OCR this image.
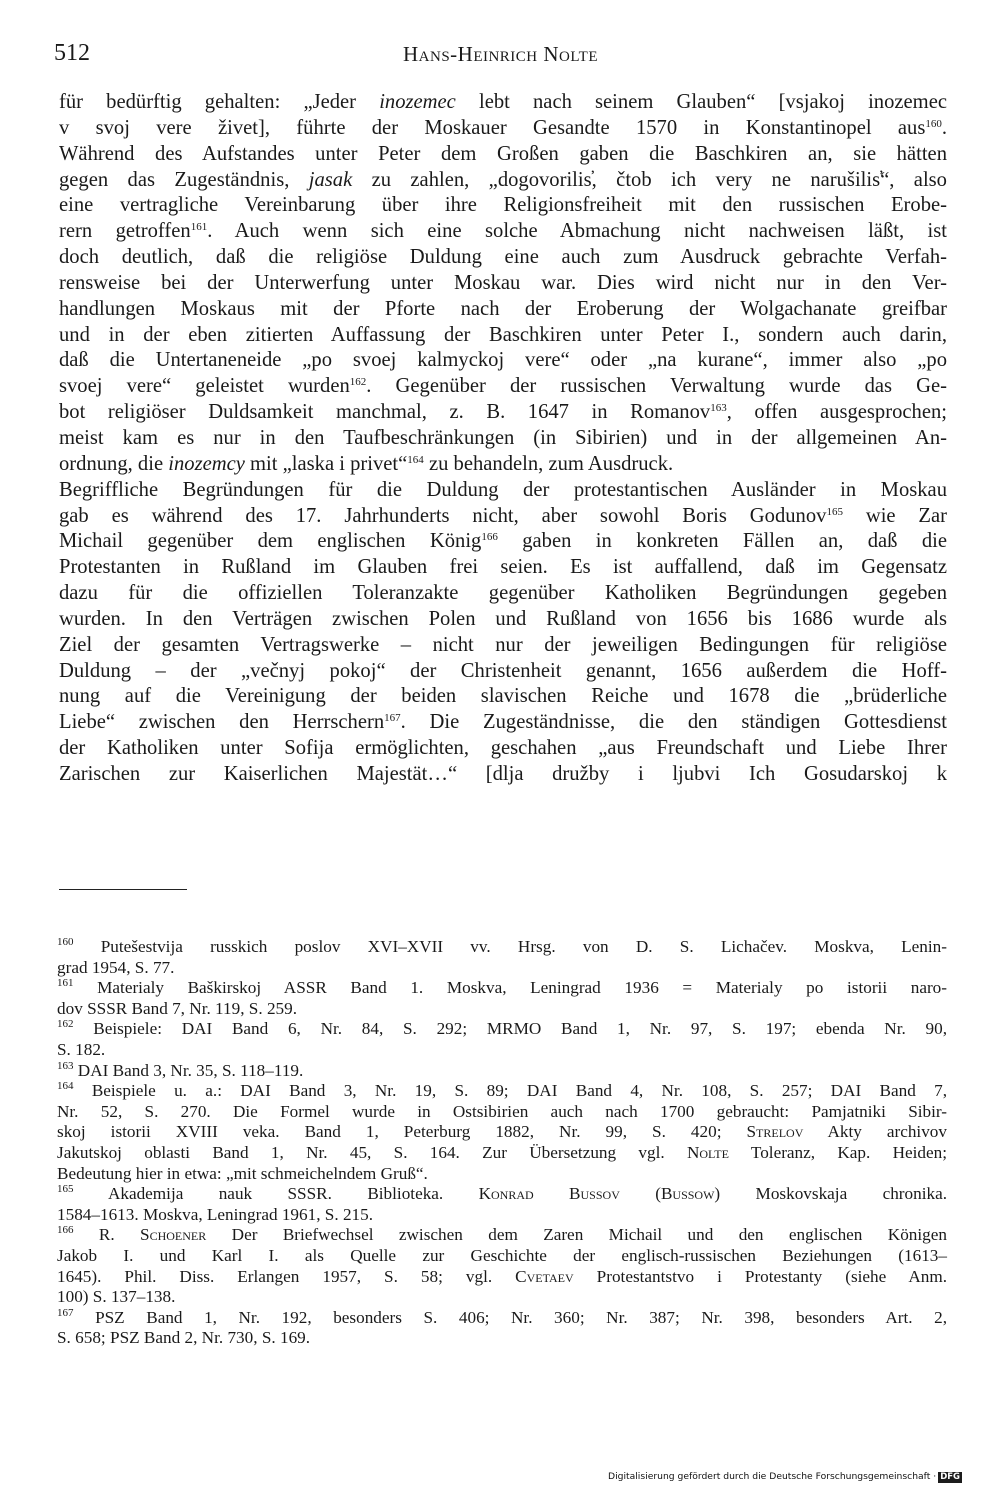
512	Hans-Heinrich Nolte
für bedürftig gehalten: „Jeder inozemec lebt nach seinem Glauben“ [vsjakoj inozemec
v svoj vere živet], führte der Moskauer Gesandte 1570 in Konstantinopel aus$^{160}$.
Während des Aufstandes unter Peter dem Großen gaben die Baschkiren an, sie hätten
gegen das Zugeständnis, jasak zu zahlen, „dogovorilis̕, čtob ich very ne narušilis̕“, also
eine vertragliche Vereinbarung über ihre Religionsfreiheit mit den russischen Erobe-
rern getroffen$^{161}$. Auch wenn sich eine solche Abmachung nicht nachweisen läßt, ist
doch deutlich, daß die religiöse Duldung eine auch zum Ausdruck gebrachte Verfah-
rensweise bei der Unterwerfung unter Moskau war. Dies wird nicht nur in den Ver-
handlungen Moskaus mit der Pforte nach der Eroberung der Wolgachanate greifbar
und in der eben zitierten Auffassung der Baschkiren unter Peter I., sondern auch darin,
daß die Untertaneneide „po svoej kalmyckoj vere“ oder „na kurane“, immer also „po
svoej vere“ geleistet wurden$^{162}$. Gegenüber der russischen Verwaltung wurde das Ge-
bot religiöser Duldsamkeit manchmal, z. B. 1647 in Romanov$^{163}$, offen ausgesprochen;
meist kam es nur in den Taufbeschränkungen (in Sibirien) und in der allgemeinen An-
ordnung, die inozemcy mit „laska i privet“$^{164}$ zu behandeln, zum Ausdruck.
Begriffliche Begründungen für die Duldung der protestantischen Ausländer in Moskau
gab es während des 17. Jahrhunderts nicht, aber sowohl Boris Godunov$^{165}$ wie Zar
Michail gegenüber dem englischen König$^{166}$ gaben in konkreten Fällen an, daß die
Protestanten in Rußland im Glauben frei seien. Es ist auffallend, daß im Gegensatz
dazu für die offiziellen Toleranzakte gegenüber Katholiken Begründungen gegeben
wurden. In den Verträgen zwischen Polen und Rußland von 1656 bis 1686 wurde als
Ziel der gesamten Vertragswerke – nicht nur der jeweiligen Bedingungen für religiöse
Duldung – der „večnyj pokoj“ der Christenheit genannt, 1656 außerdem die Hoff-
nung auf die Vereinigung der beiden slavischen Reiche und 1678 die „brüderliche
Liebe“ zwischen den Herrschern$^{167}$. Die Zugeständnisse, die den ständigen Gottesdienst
der Katholiken unter Sofija ermöglichten, geschahen „aus Freundschaft und Liebe Ihrer
Zarischen zur Kaiserlichen Majestät…“ [dlja družby i ljubvi Ich Gosudarskoj k
$^{160}$ Putešestvija russkich poslov XVI–XVII vv. Hrsg. von D. S. Lichačev. Moskva, Lenin-
grad 1954, S. 77.
$^{161}$ Materialy Baškirskoj ASSR Band 1. Moskva, Leningrad 1936 = Materialy po istorii naro-
dov SSSR Band 7, Nr. 119, S. 259.
$^{162}$ Beispiele: DAI Band 6, Nr. 84, S. 292; MRMO Band 1, Nr. 97, S. 197; ebenda Nr. 90,
S. 182.
$^{163}$ DAI Band 3, Nr. 35, S. 118–119.
$^{164}$ Beispiele u. a.: DAI Band 3, Nr. 19, S. 89; DAI Band 4, Nr. 108, S. 257; DAI Band 7,
Nr. 52, S. 270. Die Formel wurde in Ostsibirien auch nach 1700 gebraucht: Pamjatniki Sibir-
skoj istorii XVIII veka. Band 1, Peterburg 1882, Nr. 99, S. 420; Strelov Akty archivov
Jakutskoj oblasti Band 1, Nr. 45, S. 164. Zur Übersetzung vgl. Nolte Toleranz, Kap. Heiden;
Bedeutung hier in etwa: „mit schmeichelndem Gruß“.
$^{165}$ Akademija nauk SSSR. Biblioteka. Konrad Bussov (Bussow) Moskovskaja chronika.
1584–1613. Moskva, Leningrad 1961, S. 215.
$^{166}$ R. Schoener Der Briefwechsel zwischen dem Zaren Michail und den englischen Königen
Jakob I. und Karl I. als Quelle zur Geschichte der englisch-russischen Beziehungen (1613–
1645). Phil. Diss. Erlangen 1957, S. 58; vgl. Cvetaev Protestantstvo i Protestanty (siehe Anm.
100) S. 137–138.
$^{167}$ PSZ Band 1, Nr. 192, besonders S. 406; Nr. 360; Nr. 387; Nr. 398, besonders Art. 2,
S. 658; PSZ Band 2, Nr. 730, S. 169.
Digitalisierung gefördert durch die Deutsche Forschungsgemeinschaft · DFG
